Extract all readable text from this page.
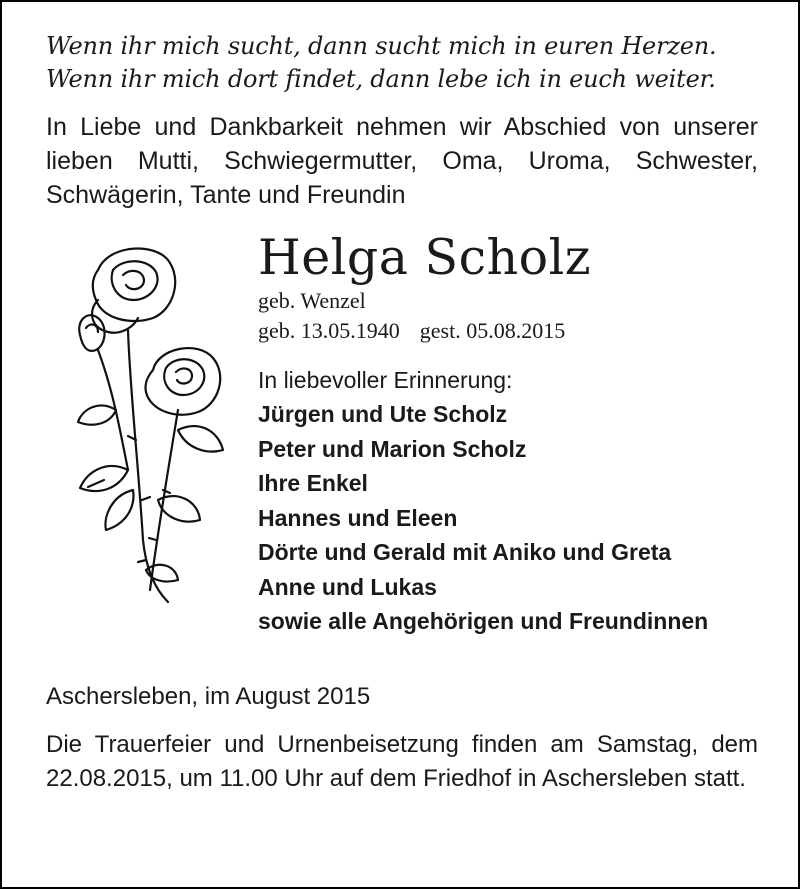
Wenn ihr mich sucht, dann sucht mich in euren Herzen.
Wenn ihr mich dort findet, dann lebe ich in euch weiter.

In Liebe und Dankbarkeit nehmen wir Abschied von unserer lieben Mutti, Schwiegermutter, Oma, Uroma, Schwester, Schwägerin, Tante und Freundin

Helga Scholz

geb. Wenzel

geb. 13.05.1940 gest. 05.08.2015

In liebevoller Erinnerung:

Jürgen und Ute Scholz
Peter und Marion Scholz
Ihre Enkel
Hannes und Eleen
Dörte und Gerald mit Aniko und Greta
Anne und Lukas
sowie alle Angehörigen und Freundinnen

Aschersleben, im August 2015

Die Trauerfeier und Urnenbeisetzung finden am Samstag, dem 22.08.2015, um 11.00 Uhr auf dem Friedhof in Aschersleben statt.
